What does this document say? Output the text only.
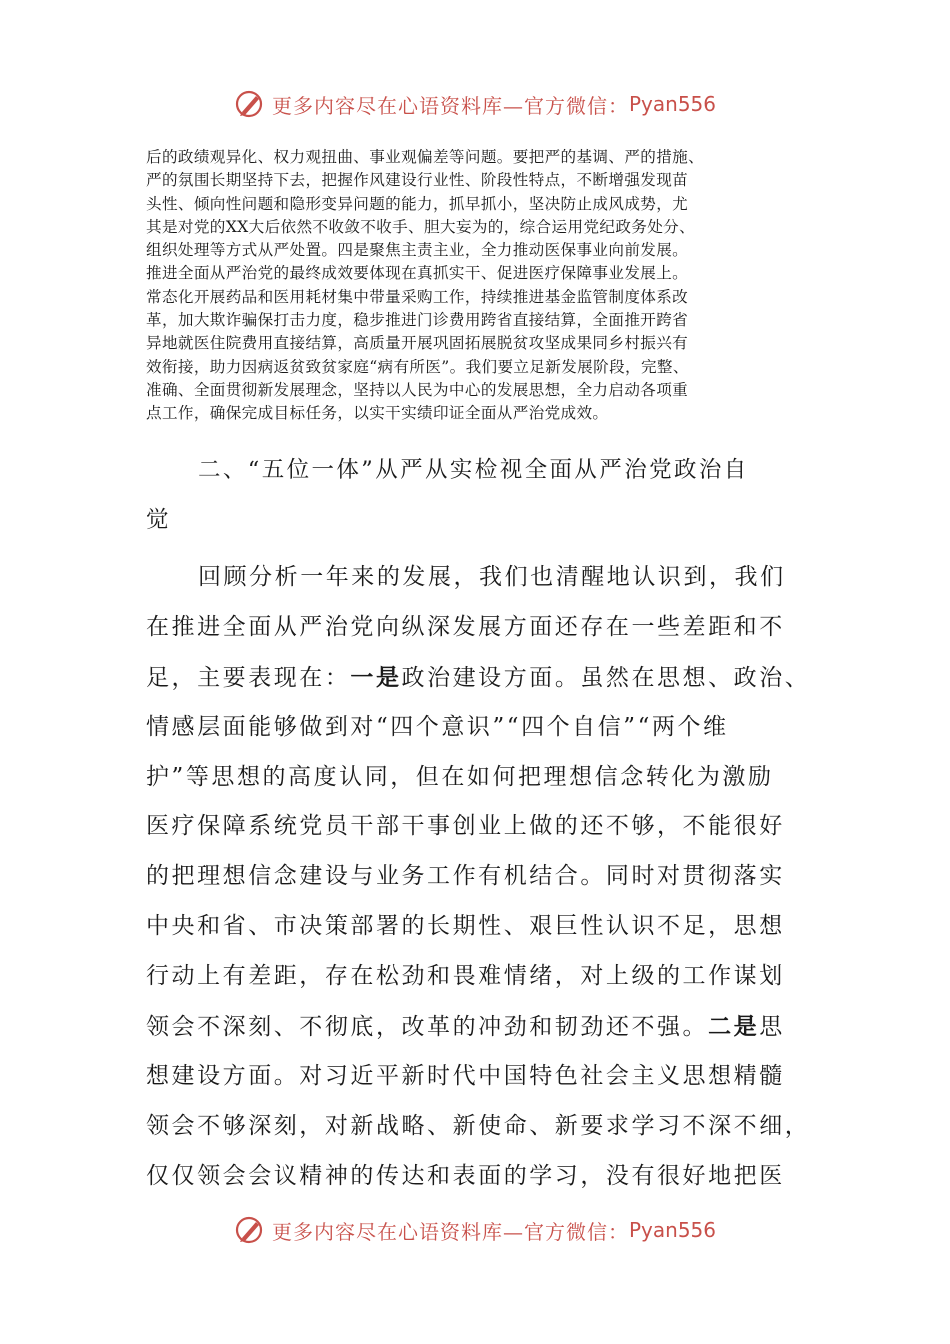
更多内容尽在心语资料库—官方微信： Pyan556
后的政绩观异化、权力观扭曲、事业观偏差等问题。要把严的基调、严的措施、
严的氛围长期坚持下去，把握作风建设行业性、阶段性特点，不断增强发现苗
头性、倾向性问题和隐形变异问题的能力，抓早抓小，坚决防止成风成势，尤
其是对党的XX大后依然不收敛不收手、胆大妄为的，综合运用党纪政务处分、
组织处理等方式从严处置。四是聚焦主责主业，全力推动医保事业向前发展。
推进全面从严治党的最终成效要体现在真抓实干、促进医疗保障事业发展上。
常态化开展药品和医用耗材集中带量采购工作，持续推进基金监管制度体系改
革，加大欺诈骗保打击力度，稳步推进门诊费用跨省直接结算，全面推开跨省
异地就医住院费用直接结算，高质量开展巩固拓展脱贫攻坚成果同乡村振兴有
效衔接，助力因病返贫致贫家庭“病有所医”。我们要立足新发展阶段，完整、
准确、全面贯彻新发展理念，坚持以人民为中心的发展思想，全力启动各项重
点工作，确保完成目标任务，以实干实绩印证全面从严治党成效。
二、“五位一体”从严从实检视全面从严治党政治自
觉
回顾分析一年来的发展，我们也清醒地认识到，我们
在推进全面从严治党向纵深发展方面还存在一些差距和不
足，主要表现在：一是政治建设方面。虽然在思想、政治、
情感层面能够做到对“四个意识”“四个自信”“两个维
护”等思想的高度认同，但在如何把理想信念转化为激励
医疗保障系统党员干部干事创业上做的还不够，不能很好
的把理想信念建设与业务工作有机结合。同时对贯彻落实
中央和省、市决策部署的长期性、艰巨性认识不足，思想
行动上有差距，存在松劲和畏难情绪，对上级的工作谋划
领会不深刻、不彻底，改革的冲劲和韧劲还不强。二是思
想建设方面。对习近平新时代中国特色社会主义思想精髓
领会不够深刻，对新战略、新使命、新要求学习不深不细，
仅仅领会会议精神的传达和表面的学习，没有很好地把医
更多内容尽在心语资料库—官方微信： Pyan556
